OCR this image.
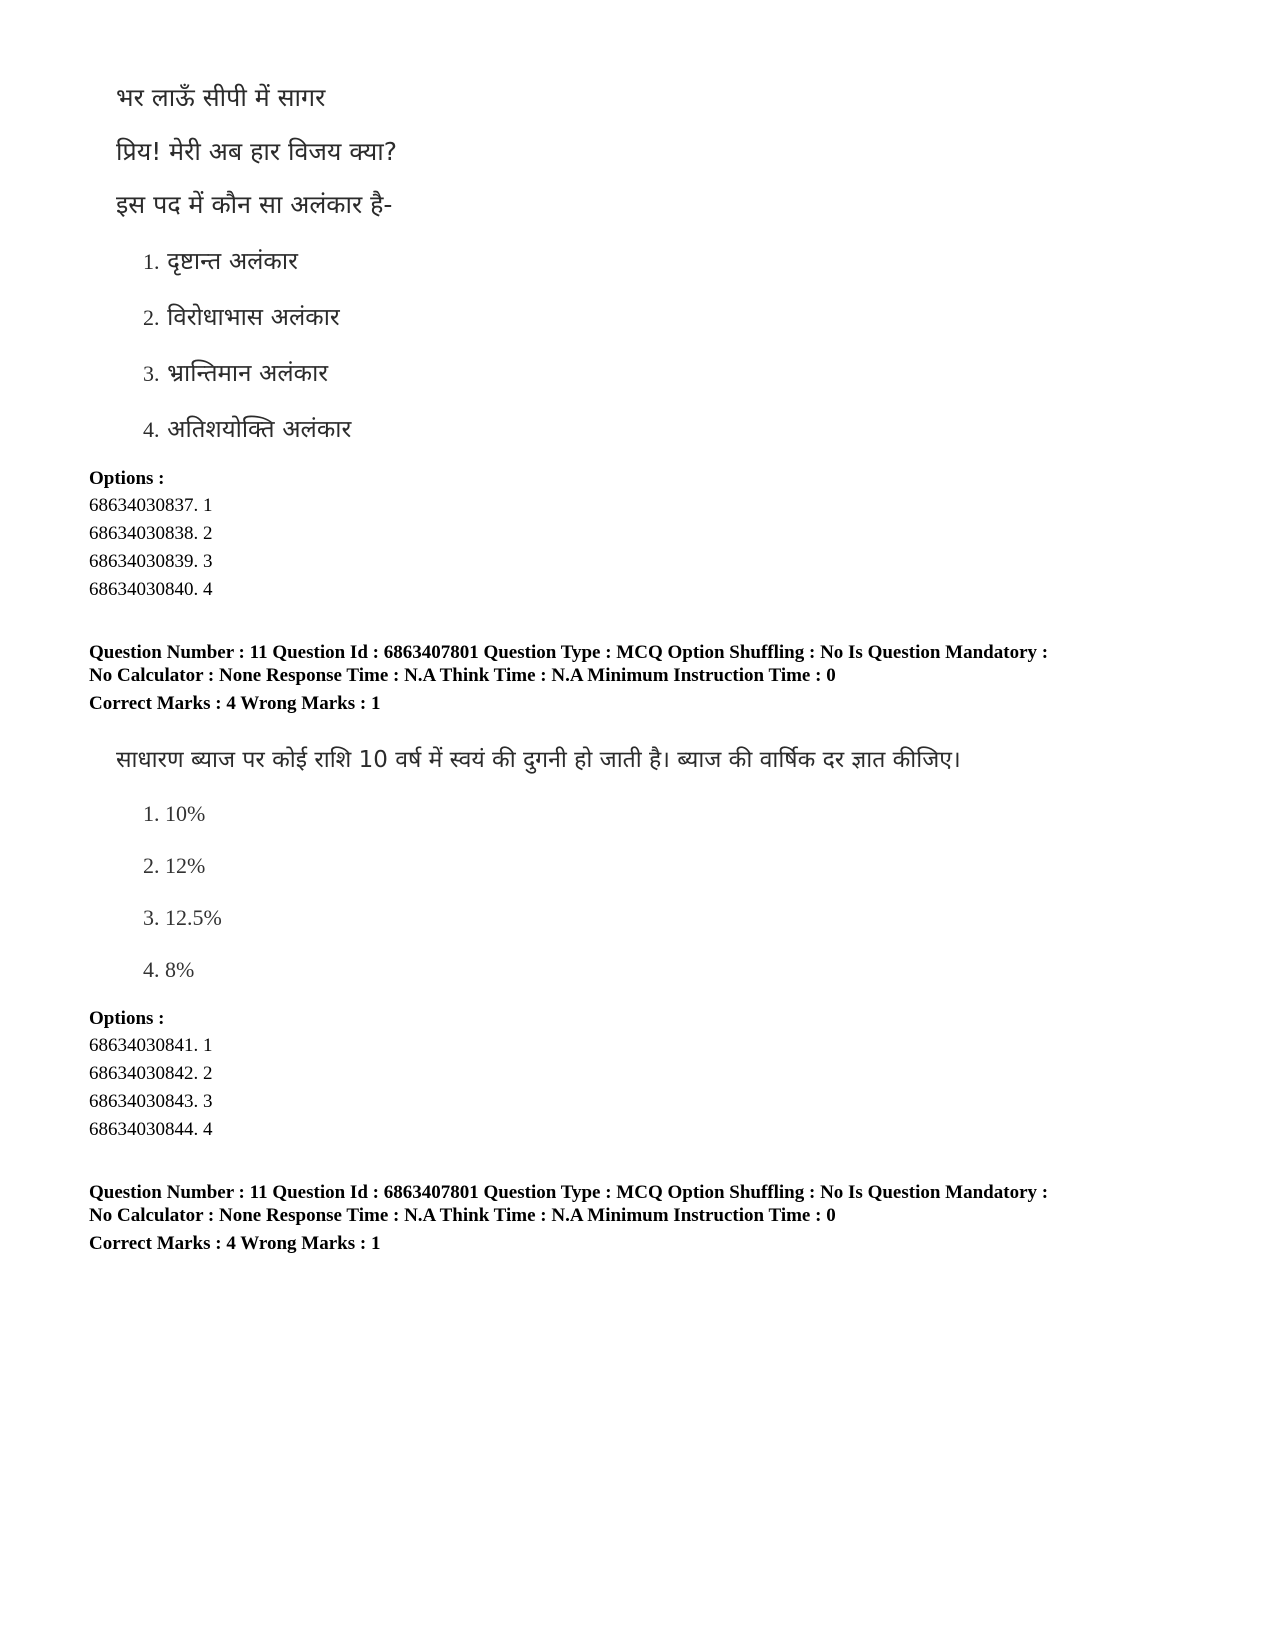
भर लाऊँ सीपी में सागर
प्रिय! मेरी अब हार विजय क्या?
इस पद में कौन सा अलंकार है-
1. दृष्टान्त अलंकार
2. विरोधाभास अलंकार
3. भ्रान्तिमान अलंकार
4. अतिशयोक्ति अलंकार
Options :
68634030837. 1
68634030838. 2
68634030839. 3
68634030840. 4
Question Number : 11 Question Id : 6863407801 Question Type : MCQ Option Shuffling : No Is Question Mandatory :
No Calculator : None Response Time : N.A Think Time : N.A Minimum Instruction Time : 0
Correct Marks : 4 Wrong Marks : 1
साधारण ब्याज पर कोई राशि 10 वर्ष में स्वयं की दुगनी हो जाती है। ब्याज की वार्षिक दर ज्ञात कीजिए।
1. 10%
2. 12%
3. 12.5%
4. 8%
Options :
68634030841. 1
68634030842. 2
68634030843. 3
68634030844. 4
Question Number : 11 Question Id : 6863407801 Question Type : MCQ Option Shuffling : No Is Question Mandatory :
No Calculator : None Response Time : N.A Think Time : N.A Minimum Instruction Time : 0
Correct Marks : 4 Wrong Marks : 1
